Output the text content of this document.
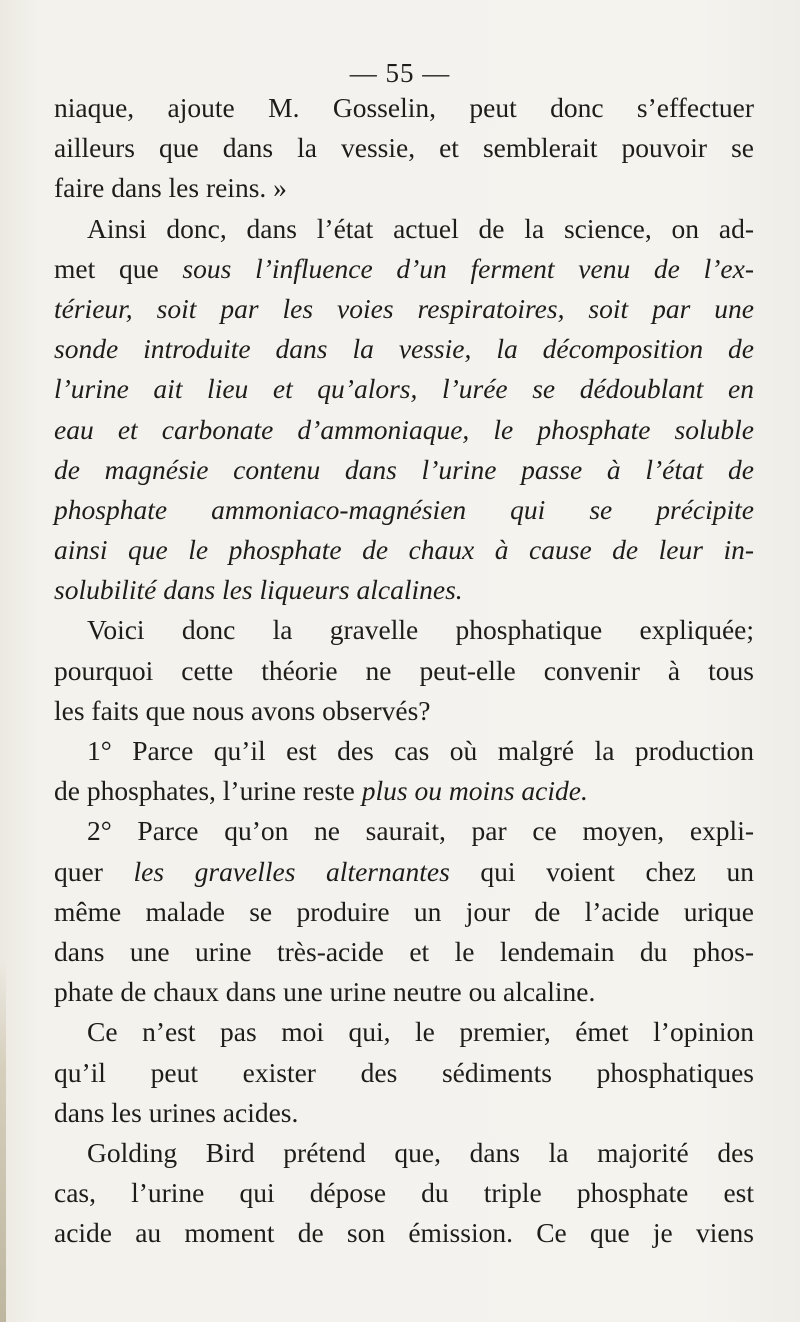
— 55 —
niaque, ajoute M. Gosselin, peut donc s’effectuer
ailleurs que dans la vessie, et semblerait pouvoir se
faire dans les reins. »
Ainsi donc, dans l’état actuel de la science, on ad-
met que sous l’influence d’un ferment venu de l’ex-
térieur, soit par les voies respiratoires, soit par une
sonde introduite dans la vessie, la décomposition de
l’urine ait lieu et qu’alors, l’urée se dédoublant en
eau et carbonate d’ammoniaque, le phosphate soluble
de magnésie contenu dans l’urine passe à l’état de
phosphate ammoniaco-magnésien qui se précipite
ainsi que le phosphate de chaux à cause de leur in-
solubilité dans les liqueurs alcalines.
Voici donc la gravelle phosphatique expliquée;
pourquoi cette théorie ne peut-elle convenir à tous
les faits que nous avons observés?
1° Parce qu’il est des cas où malgré la production
de phosphates, l’urine reste plus ou moins acide.
2° Parce qu’on ne saurait, par ce moyen, expli-
quer les gravelles alternantes qui voient chez un
même malade se produire un jour de l’acide urique
dans une urine très-acide et le lendemain du phos-
phate de chaux dans une urine neutre ou alcaline.
Ce n’est pas moi qui, le premier, émet l’opinion
qu’il peut exister des sédiments phosphatiques
dans les urines acides.
Golding Bird prétend que, dans la majorité des
cas, l’urine qui dépose du triple phosphate est
acide au moment de son émission. Ce que je viens
